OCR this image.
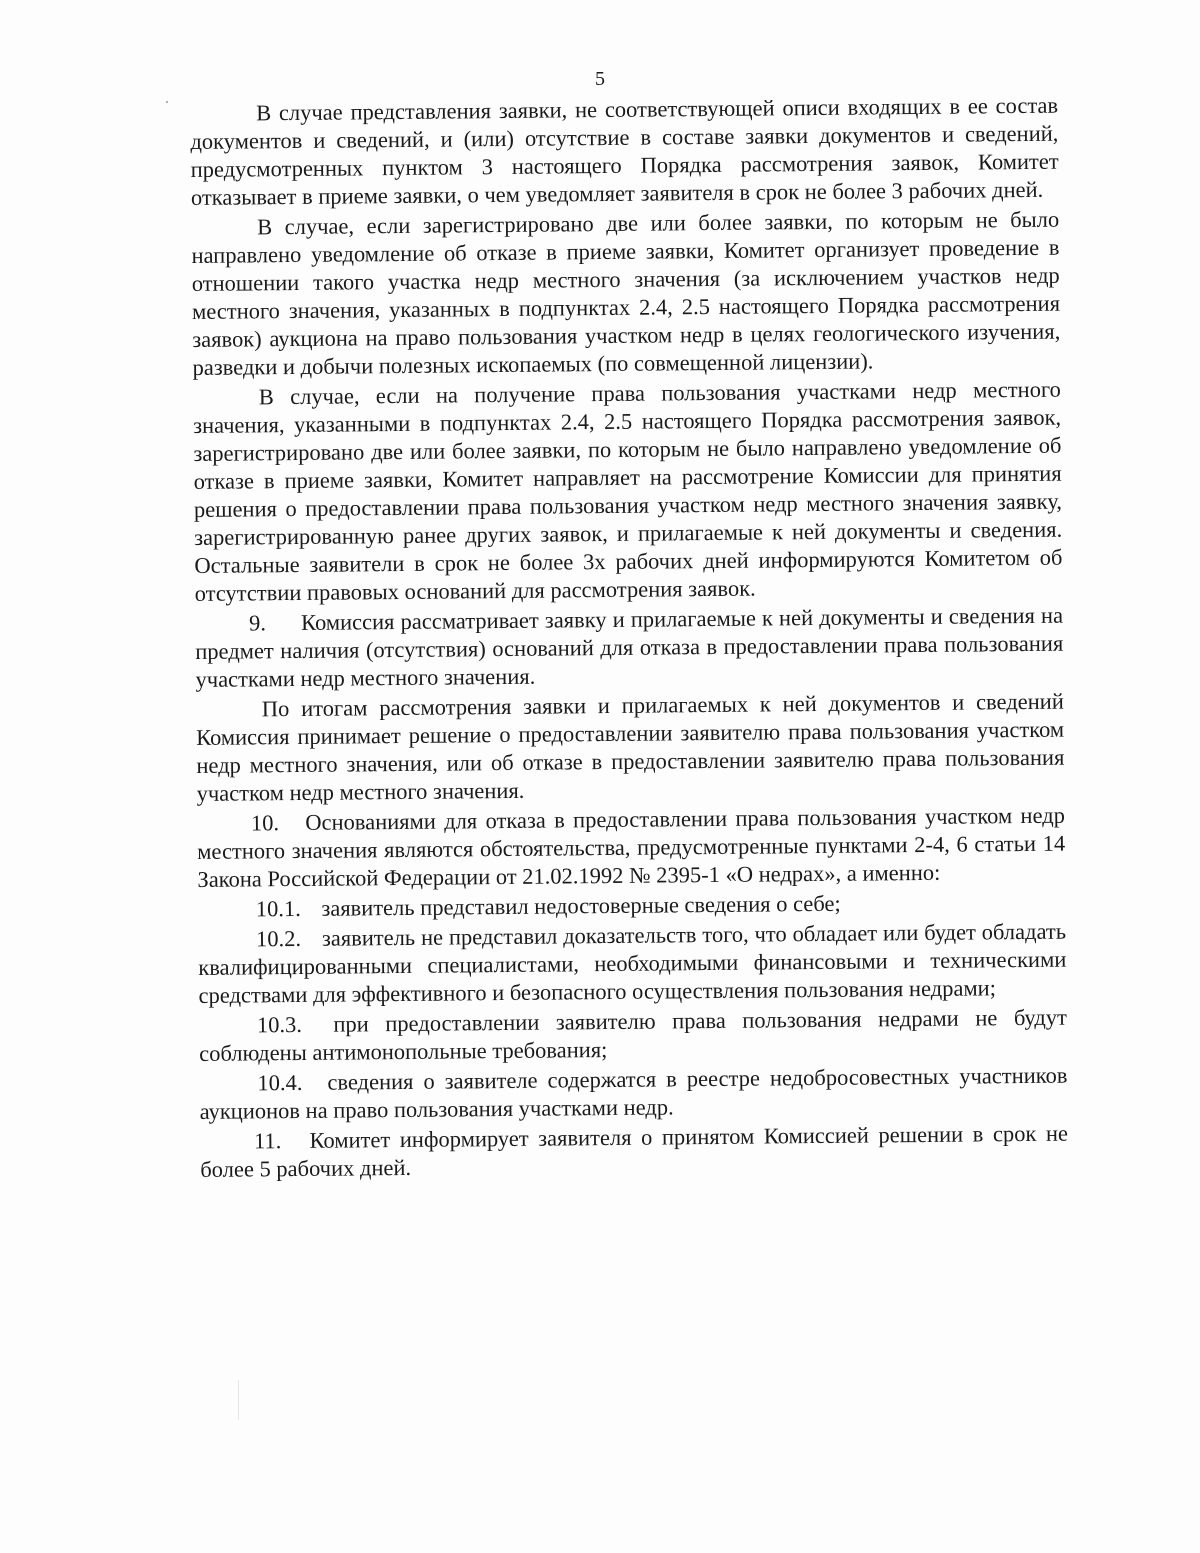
5

В случае представления заявки, не соответствующей описи входящих в ее состав документов и сведений, и (или) отсутствие в составе заявки документов и сведений, предусмотренных пунктом 3 настоящего Порядка рассмотрения заявок, Комитет отказывает в приеме заявки, о чем уведомляет заявителя в срок не более 3 рабочих дней.

В случае, если зарегистрировано две или более заявки, по которым не было направлено уведомление об отказе в приеме заявки, Комитет организует проведение в отношении такого участка недр местного значения (за исключением участков недр местного значения, указанных в подпунктах 2.4, 2.5 настоящего Порядка рассмотрения заявок) аукциона на право пользования участком недр в целях геологического изучения, разведки и добычи полезных ископаемых (по совмещенной лицензии).

В случае, если на получение права пользования участками недр местного значения, указанными в подпунктах 2.4, 2.5 настоящего Порядка рассмотрения заявок, зарегистрировано две или более заявки, по которым не было направлено уведомление об отказе в приеме заявки, Комитет направляет на рассмотрение Комиссии для принятия решения о предоставлении права пользования участком недр местного значения заявку, зарегистрированную ранее других заявок, и прилагаемые к ней документы и сведения. Остальные заявители в срок не более 3х рабочих дней информируются Комитетом об отсутствии правовых оснований для рассмотрения заявок.

9. Комиссия рассматривает заявку и прилагаемые к ней документы и сведения на предмет наличия (отсутствия) оснований для отказа в предоставлении права пользования участками недр местного значения.

По итогам рассмотрения заявки и прилагаемых к ней документов и сведений Комиссия принимает решение о предоставлении заявителю права пользования участком недр местного значения, или об отказе в предоставлении заявителю права пользования участком недр местного значения.

10. Основаниями для отказа в предоставлении права пользования участком недр местного значения являются обстоятельства, предусмотренные пунктами 2-4, 6 статьи 14 Закона Российской Федерации от 21.02.1992 № 2395-1 «О недрах», а именно:

10.1. заявитель представил недостоверные сведения о себе;

10.2. заявитель не представил доказательств того, что обладает или будет обладать квалифицированными специалистами, необходимыми финансовыми и техническими средствами для эффективного и безопасного осуществления пользования недрами;

10.3. при предоставлении заявителю права пользования недрами не будут соблюдены антимонопольные требования;

10.4. сведения о заявителе содержатся в реестре недобросовестных участников аукционов на право пользования участками недр.

11. Комитет информирует заявителя о принятом Комиссией решении в срок не более 5 рабочих дней.
